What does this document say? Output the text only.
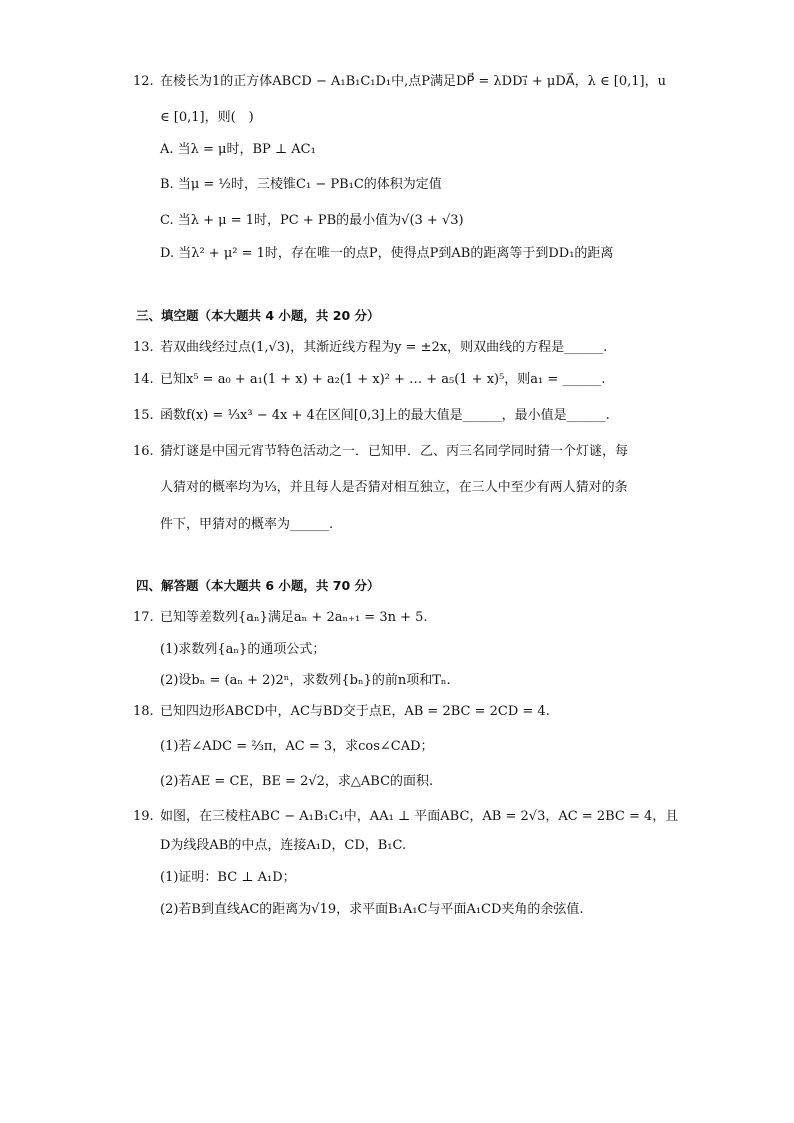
12. 在棱长为1的正方体ABCD − A₁B₁C₁D₁中,点P满足DP⃗ = λDD₁⃗ + μDA⃗，λ ∈ [0,1]，u
∈ [0,1]，则(　)
A. 当λ = μ时，BP ⊥ AC₁
B. 当μ = ½时，三棱锥C₁ − PB₁C的体积为定值
C. 当λ + μ = 1时，PC + PB的最小值为√(3 + √3)
D. 当λ² + μ² = 1时，存在唯一的点P，使得点P到AB的距离等于到DD₁的距离
三、填空题（本大题共 4 小题，共 20 分）
13. 若双曲线经过点(1,√3)，其渐近线方程为y = ±2x，则双曲线的方程是______.
14. 已知x⁵ = a₀ + a₁(1 + x) + a₂(1 + x)² + … + a₅(1 + x)⁵，则a₁ = ______.
15. 函数f(x) = ⅓x³ − 4x + 4在区间[0,3]上的最大值是______，最小值是______.
16. 猜灯谜是中国元宵节特色活动之一．已知甲．乙、丙三名同学同时猜一个灯谜，每
人猜对的概率均为⅓，并且每人是否猜对相互独立，在三人中至少有两人猜对的条
件下，甲猜对的概率为______.
四、解答题（本大题共 6 小题，共 70 分）
17. 已知等差数列{aₙ}满足aₙ + 2aₙ₊₁ = 3n + 5.
(1)求数列{aₙ}的通项公式；
(2)设bₙ = (aₙ + 2)2ⁿ，求数列{bₙ}的前n项和Tₙ.
18. 已知四边形ABCD中，AC与BD交于点E，AB = 2BC = 2CD = 4.
(1)若∠ADC = ⅔π，AC = 3，求cos∠CAD；
(2)若AE = CE，BE = 2√2，求△ABC的面积.
19. 如图，在三棱柱ABC − A₁B₁C₁中，AA₁ ⊥ 平面ABC，AB = 2√3，AC = 2BC = 4，且
D为线段AB的中点，连接A₁D，CD，B₁C.
(1)证明：BC ⊥ A₁D；
(2)若B到直线AC的距离为√19，求平面B₁A₁C与平面A₁CD夹角的余弦值.
